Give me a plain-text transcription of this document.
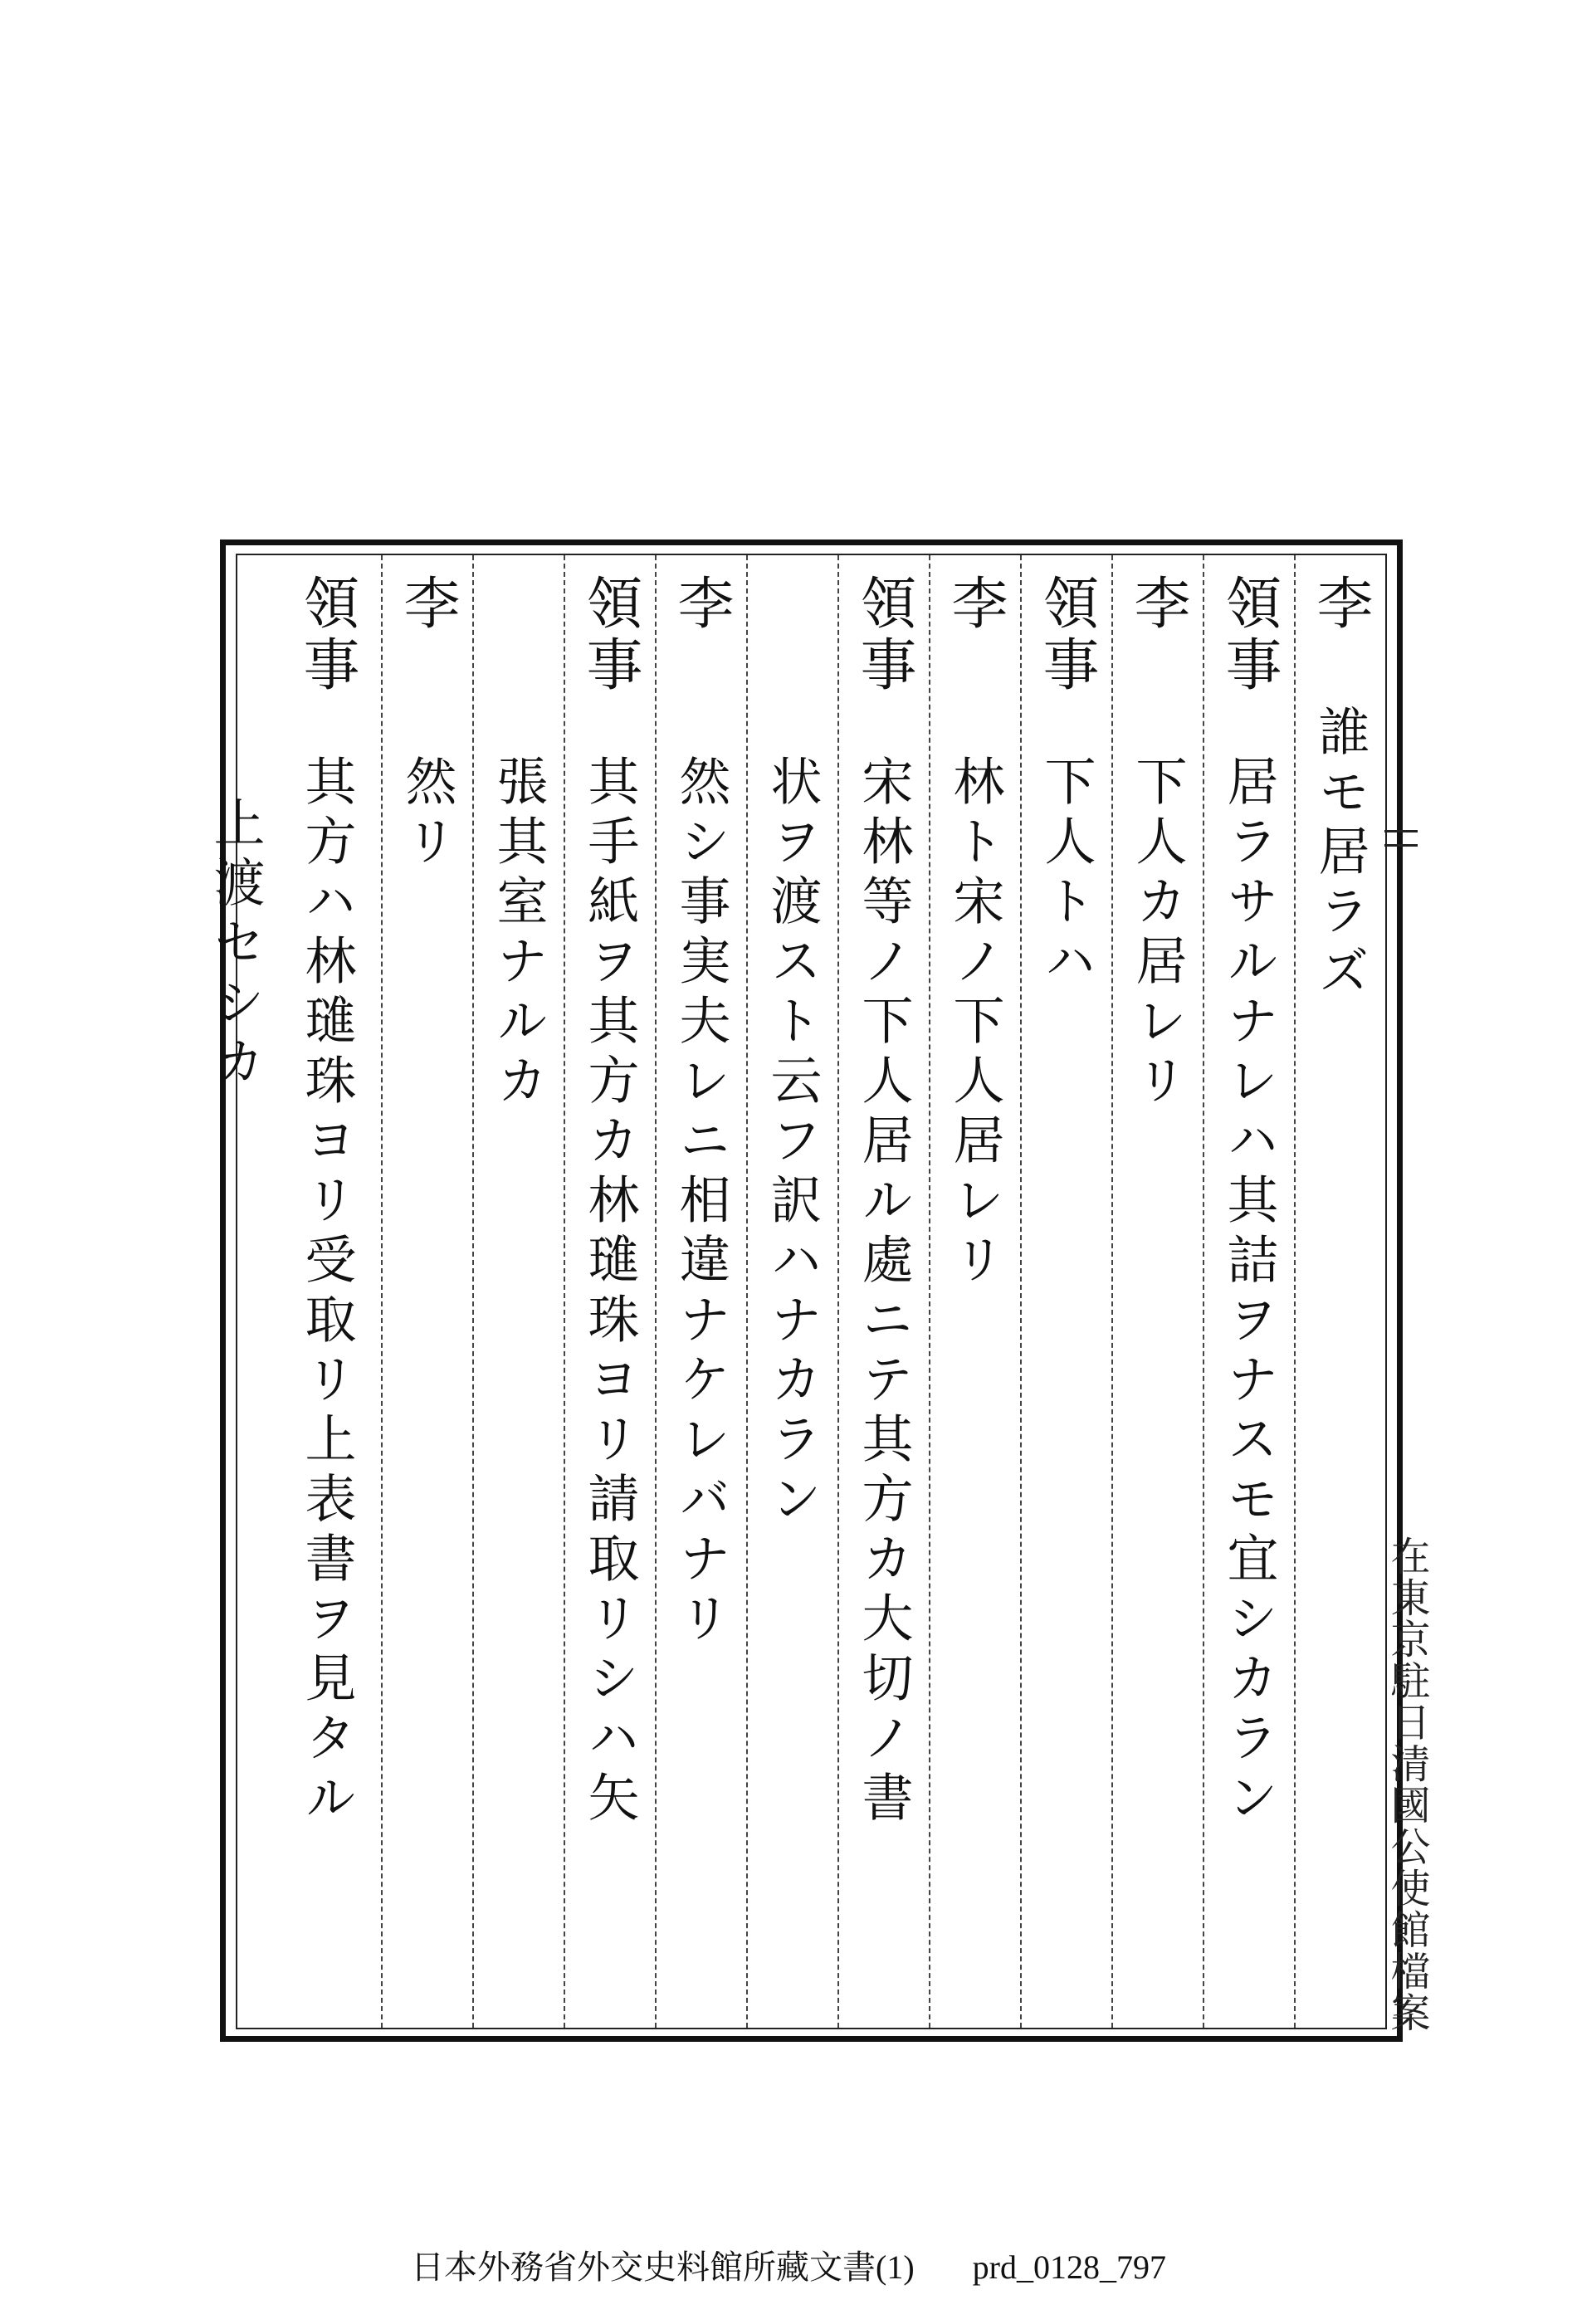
李
誰モ居ラズ
領事
居ラサルナレハ其詰ヲナスモ宜シカラン
李
下人カ居レリ
領事
下人トハ
李
林ト宋ノ下人居レリ
領事
宋林等ノ下人居ル處ニテ其方カ大切ノ書
状ヲ渡スト云フ訳ハナカラン
李
然シ事実夫レニ相違ナケレバナリ
領事
其手紙ヲ其方カ林璡珠ヨリ請取リシハ矢
張其室ナルカ
李
然リ
領事
其方ハ林璡珠ヨリ受取リ上表書ヲ見タル
上渡セシカ
在東京駐日清國公使館檔案
日本外務省外交史料館所藏文書(1) prd_0128_797
